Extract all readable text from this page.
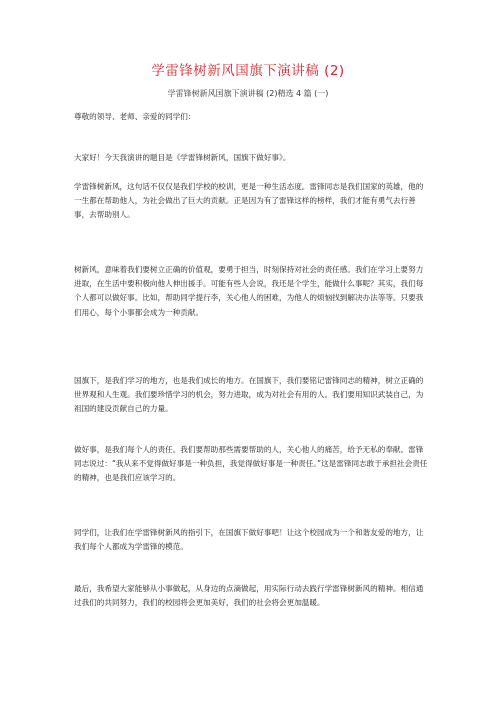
学雷锋树新风国旗下演讲稿 (2)
学雷锋树新风国旗下演讲稿 (2)精选 4 篇 (一)

尊敬的领导、老师、亲爱的同学们：

大家好！今天我演讲的题目是《学雷锋树新风，国旗下做好事》。

学雷锋树新风，这句话不仅仅是我们学校的校训，更是一种生活态度。雷锋同志是我们国家的英雄，他的一生都在帮助他人，为社会做出了巨大的贡献。正是因为有了雷锋这样的榜样，我们才能有勇气去行善事，去帮助别人。

树新风，意味着我们要树立正确的价值观，要勇于担当，时刻保持对社会的责任感。我们在学习上要努力进取，在生活中要积极向他人伸出援手。可能有些人会说，我还是个学生，能做什么事呢？其实，我们每个人都可以做好事。比如，帮助同学提行李，关心他人的困难，为他人的烦恼找到解决办法等等。只要我们用心，每个小事都会成为一种贡献。

国旗下，是我们学习的地方，也是我们成长的地方。在国旗下，我们要铭记雷锋同志的精神，树立正确的世界观和人生观。我们要珍惜学习的机会，努力进取，成为对社会有用的人。我们要用知识武装自己，为祖国的建设贡献自己的力量。

做好事，是我们每个人的责任。我们要帮助那些需要帮助的人，关心他人的痛苦，给予无私的奉献。雷锋同志说过：“我从来不觉得做好事是一种负担，我觉得做好事是一种责任。”这是雷锋同志敢于承担社会责任的精神，也是我们应该学习的。

同学们，让我们在学雷锋树新风的指引下，在国旗下做好事吧！让这个校园成为一个和谐友爱的地方，让我们每个人都成为学雷锋的模范。

最后，我希望大家能够从小事做起，从身边的点滴做起，用实际行动去践行学雷锋树新风的精神。相信通过我们的共同努力，我们的校园将会更加美好，我们的社会将会更加温暖。
